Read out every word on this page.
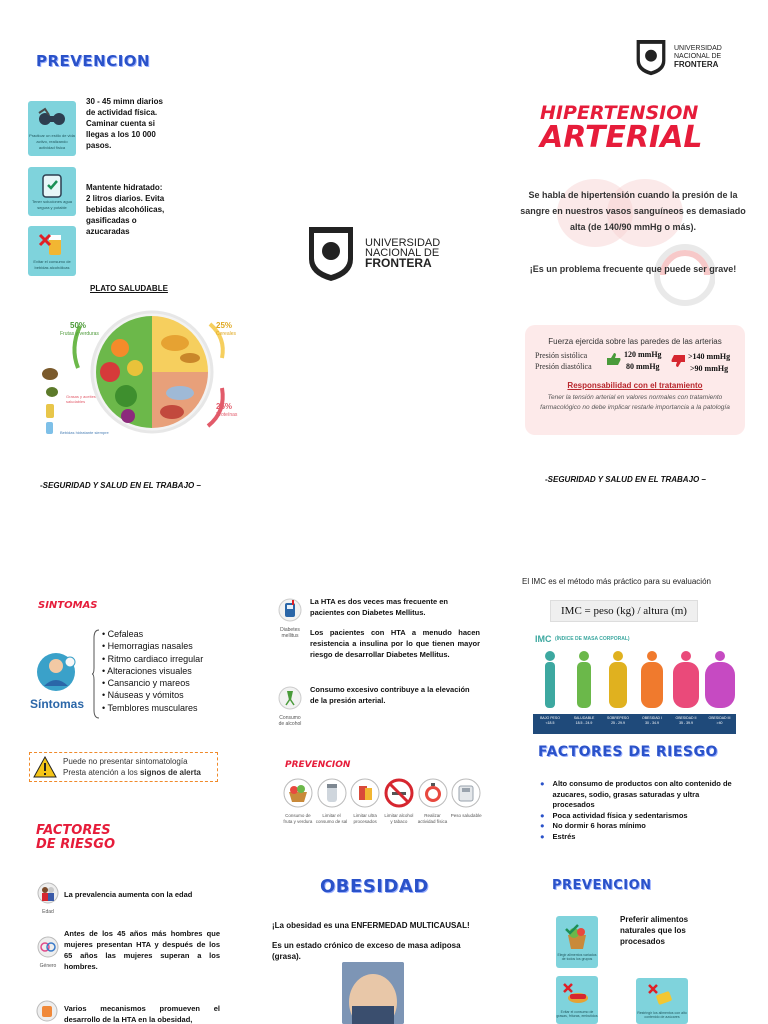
PREVENCION
Practicar un estilo de vida activo, realizando actividad física
30 - 45 mimn diarios de actividad física. Caminar cuenta si llegas a los 10 000 pasos.
Tener soluciones agua segura y potable
Mantente hidratado: 2 litros diarios. Evita bebidas alcohólicas, gasificadas o azucaradas
Evitar el consumo de bebidas alcohólicas
PLATO SALUDABLE
50%
Frutas y verduras
25%
Cereales
25%
Proteínas
Grasas y aceites saludables
Bebidas hidratante siempre
-SEGURIDAD Y SALUD EN EL TRABAJO –
UNIVERSIDAD
NACIONAL DE
FRONTERA
UNIVERSIDAD
NACIONAL DE
FRONTERA
HIPERTENSION
ARTERIAL
Se habla de hipertensión cuando la presión de la sangre en nuestros vasos sanguíneos es demasiado alta (de 140/90 mmHg o más).
¡Es un problema frecuente que puede ser grave!
Fuerza ejercida sobre las paredes de las arterias
Presión sistólica
Presión diastólica
120 mmHg
80 mmHg
>140 mmHg
>90 mmHg
Responsabilidad con el tratamiento
Tener la tensión arterial en valores normales con tratamiento farmacológico no debe implicar restarle importancia a la patología
-SEGURIDAD Y SALUD EN EL TRABAJO –
SINTOMAS
Síntomas
• Cefaleas
• Hemorragias nasales
• Ritmo cardiaco irregular
• Alteraciones visuales
• Cansancio y mareos
• Náuseas y vómitos
• Temblores musculares
Puede no presentar sintomatología
Presta atención a los signos de alerta
FACTORES
DE RIESGO
Edad
La prevalencia aumenta con la edad
Género
Antes de los 45 años más hombres que mujeres presentan HTA y después de los 65 años las mujeres superan a los hombres.
Varios mecanismos promueven el desarrollo de la HTA en la obesidad,
Diabetes mellitus
La HTA es dos veces mas frecuente en pacientes con Diabetes Mellitus.
Los pacientes con HTA a menudo hacen resistencia a insulina por lo que tienen mayor riesgo de desarrollar Diabetes Mellitus.
Consumo de alcohol
Consumo excesivo contribuye a la elevación de la presión arterial.
PREVENCION
Consumo de fruta y verdura
Limitar el consumo de sal
Limitar ultra procesados
Limitar alcohol y tabaco
Realizar actividad física
Peso saludable
OBESIDAD
¡La obesidad es una ENFERMEDAD MULTICAUSAL!
Es un estado crónico de exceso de masa adiposa (grasa).
El IMC es el método más práctico para su evaluación
IMC = peso (kg) / altura (m)
IMC (ÍNDICE DE MASA CORPORAL)
BAJO PESO
<18.5
SALUDABLE
18.5 - 24.9
SOBREPESO
25 - 29.9
OBESIDAD I
30 - 34.9
OBESIDAD II
35 - 39.9
OBESIDAD III
>40
FACTORES DE RIESGO
● Alto consumo de productos con alto contenido de azucares, sodio, grasas saturadas y ultra procesados
● Poca actividad física y sedentarismos
● No dormir 6 horas mínimo
● Estrés
PREVENCION
Elegir alimentos variados de todos los grupos
Preferir alimentos naturales que los procesados
Evitar el consumo de grasas, frituras, embutidos
Restringir los alimentos con alto contenido de azúcares
